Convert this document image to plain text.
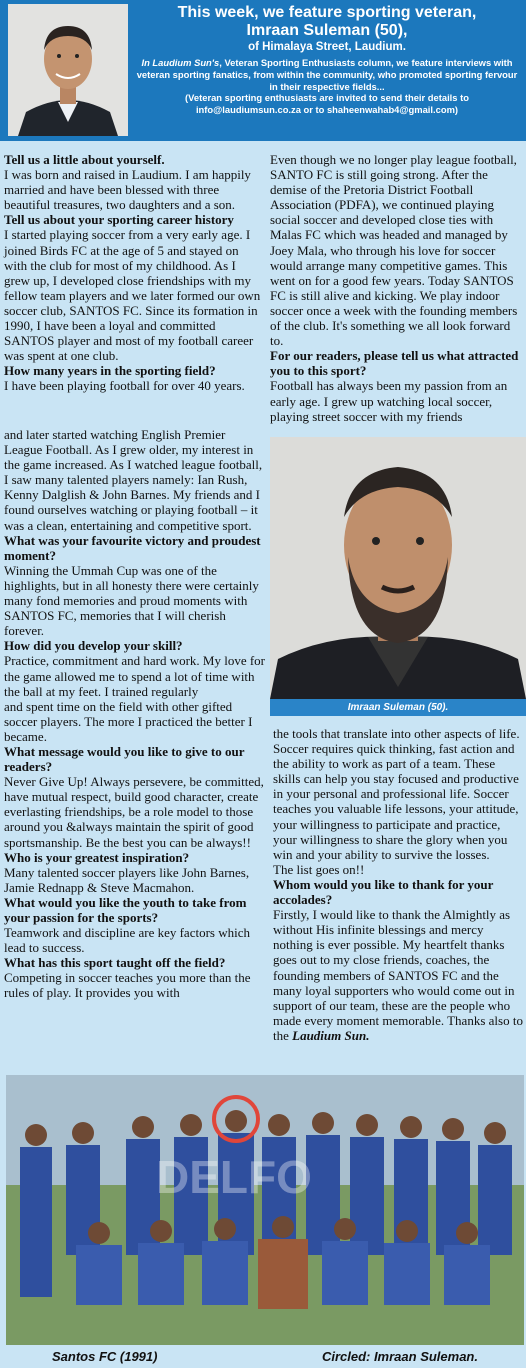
This week, we feature sporting veteran,
Imraan Suleman (50),
of Himalaya Street, Laudium.
In Laudium Sun's, Veteran Sporting Enthusiasts column, we feature interviews with veteran sporting fanatics, from within the community, who promoted sporting fervour in their respective fields...
(Veteran sporting enthusiasts are invited to send their details to info@laudiumsun.co.za or to shaheenwahab4@gmail.com)

Tell us a little about yourself.

I was born and raised in Laudium. I am happily married and have been blessed with three beautiful treasures, two daughters and a son.

Tell us about your sporting career history

I started playing soccer from a very early age. I joined Birds FC at the age of 5 and stayed on with the club for most of my childhood. As I grew up, I developed close friendships with my fellow team players and we later formed our own soccer club, SANTOS FC. Since its formation in 1990, I have been a loyal and committed SANTOS player and most of my football career was spent at one club.

How many years in the sporting field?

I have been playing football for over 40 years.

Even though we no longer play league football, SANTO FC is still going strong. After the demise of the Pretoria District Football Association (PDFA), we continued playing social soccer and developed close ties with Malas FC which was headed and managed by Joey Mala, who through his love for soccer would arrange many competitive games. This went on for a good few years. Today SANTOS FC is still alive and kicking. We play indoor soccer once a week with the founding members of the club. It's something we all look forward to.

For our readers, please tell us what attracted you to this sport?

Football has always been my passion from an early age. I grew up watching local soccer, playing street soccer with my friends

and later started watching English Premier League Football. As I grew older, my interest in the game increased. As I watched league football, I saw many talented players namely: Ian Rush, Kenny Dalglish & John Barnes. My friends and I found ourselves watching or playing football – it was a clean, entertaining and competitive sport.

What was your favourite victory and proudest moment?

Winning the Ummah Cup was one of the highlights, but in all honesty there were certainly many fond memories and proud moments with SANTOS FC, memories that I will cherish forever.

How did you develop your skill?

Practice, commitment and hard work. My love for the game allowed me to spend a lot of time with the ball at my feet. I trained regularly

and spent time on the field with other gifted soccer players. The more I practiced the better I became.

What message would you like to give to our readers?

Never Give Up! Always persevere, be committed, have mutual respect, build good character, create everlasting friendships, be a role model to those around you &always maintain the spirit of good sportsmanship. Be the best you can be always!!

Who is your greatest inspiration?

Many talented soccer players like John Barnes, Jamie Rednapp & Steve Macmahon.

What would you like the youth to take from your passion for the sports?

Teamwork and discipline are key factors which lead to success.

What has this sport taught off the field?

Competing in soccer teaches you more than the rules of play. It provides you with

Imraan Suleman (50).

the tools that translate into other aspects of life. Soccer requires quick thinking, fast action and the ability to work as part of a team. These skills can help you stay focused and productive in your personal and professional life. Soccer teaches you valuable life lessons, your attitude, your willingness to participate and practice, your willingness to share the glory when you win and your ability to survive the losses.

The list goes on!!

Whom would you like to thank for your accolades?

Firstly, I would like to thank the Almightly as without His infinite blessings and mercy nothing is ever possible. My heartfelt thanks goes out to my close friends, coaches, the founding members of SANTOS FC and the many loyal supporters who would come out in support of our team, these are the people who made every moment memorable. Thanks also to the Laudium Sun.

DELFO
Santos FC (1991)	Circled: Imraan Suleman.
